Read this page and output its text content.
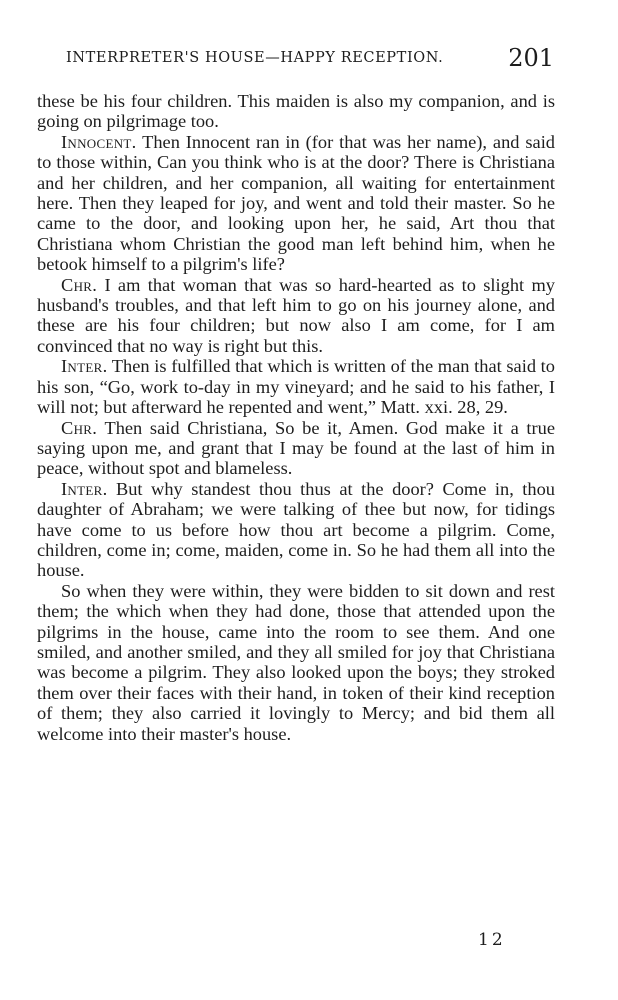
INTERPRETER'S HOUSE—HAPPY RECEPTION.	201

these be his four children. This maiden is also my companion, and is going on pilgrimage too.

Innocent. Then Innocent ran in (for that was her name), and said to those within, Can you think who is at the door? There is Christiana and her children, and her companion, all waiting for entertainment here. Then they leaped for joy, and went and told their master. So he came to the door, and looking upon her, he said, Art thou that Christiana whom Christian the good man left behind him, when he betook himself to a pilgrim's life?

Chr. I am that woman that was so hard-hearted as to slight my husband's troubles, and that left him to go on his journey alone, and these are his four children; but now also I am come, for I am convinced that no way is right but this.

Inter. Then is fulfilled that which is written of the man that said to his son, “Go, work to-day in my vineyard; and he said to his father, I will not; but afterward he repented and went,” Matt. xxi. 28, 29.

Chr. Then said Christiana, So be it, Amen. God make it a true saying upon me, and grant that I may be found at the last of him in peace, without spot and blameless.

Inter. But why standest thou thus at the door? Come in, thou daughter of Abraham; we were talking of thee but now, for tidings have come to us before how thou art become a pilgrim. Come, children, come in; come, maiden, come in. So he had them all into the house.

So when they were within, they were bidden to sit down and rest them; the which when they had done, those that attended upon the pilgrims in the house, came into the room to see them. And one smiled, and another smiled, and they all smiled for joy that Christiana was become a pilgrim. They also looked upon the boys; they stroked them over their faces with their hand, in token of their kind reception of them; they also carried it lovingly to Mercy; and bid them all welcome into their master's house.

12
